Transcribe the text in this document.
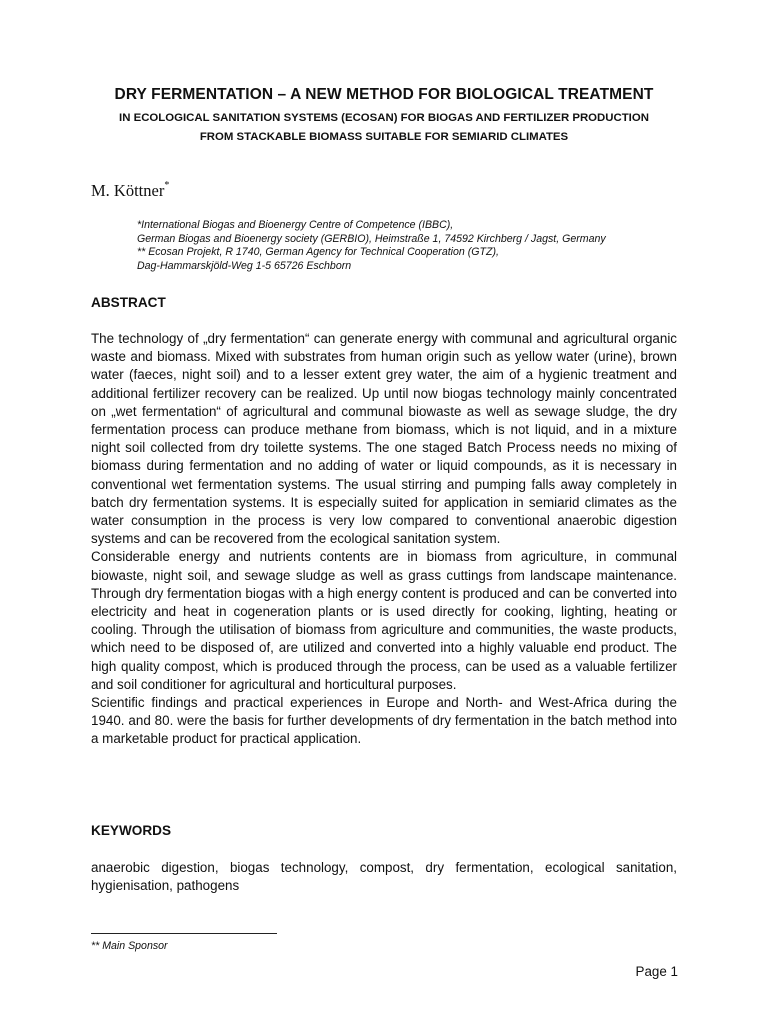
DRY FERMENTATION – A NEW METHOD FOR BIOLOGICAL TREATMENT
IN ECOLOGICAL SANITATION SYSTEMS (ECOSAN) FOR BIOGAS AND FERTILIZER PRODUCTION
FROM STACKABLE BIOMASS SUITABLE FOR SEMIARID CLIMATES
M. Köttner*
*International Biogas and Bioenergy Centre of Competence (IBBC),
German Biogas and Bioenergy society (GERBIO), Heimstraße 1, 74592 Kirchberg / Jagst, Germany
** Ecosan Projekt, R 1740, German Agency for Technical Cooperation (GTZ),
Dag-Hammarskjöld-Weg 1-5 65726 Eschborn
ABSTRACT

The technology of „dry fermentation“ can generate energy with communal and agricultural organic waste and biomass. Mixed with substrates from human origin such as yellow water (urine), brown water (faeces, night soil) and to a lesser extent grey water, the aim of a hygienic treatment and additional fertilizer recovery can be realized. Up until now biogas technology mainly concentrated on „wet fermentation“ of agricultural and communal biowaste as well as sewage sludge, the dry fermentation process can produce methane from biomass, which is not liquid, and in a mixture night soil collected from dry toilette systems. The one staged Batch Process needs no mixing of biomass during fermentation and no adding of water or liquid compounds, as it is necessary in conventional wet fermentation systems. The usual stirring and pumping falls away completely in batch dry fermentation systems. It is especially suited for application in semiarid climates as the water consumption in the process is very low compared to conventional anaerobic digestion systems and can be recovered from the ecological sanitation system.

Considerable energy and nutrients contents are in biomass from agriculture, in communal biowaste, night soil, and sewage sludge as well as grass cuttings from landscape maintenance. Through dry fermentation biogas with a high energy content is produced and can be converted into electricity and heat in cogeneration plants or is used directly for cooking, lighting, heating or cooling. Through the utilisation of biomass from agriculture and communities, the waste products, which need to be disposed of, are utilized and converted into a highly valuable end product. The high quality compost, which is produced through the process, can be used as a valuable fertilizer and soil conditioner for agricultural and horticultural purposes.

Scientific findings and practical experiences in Europe and North- and West-Africa during the 1940. and 80. were the basis for further developments of dry fermentation in the batch method into a marketable product for practical application.

KEYWORDS
anaerobic digestion, biogas technology, compost, dry fermentation, ecological sanitation, hygienisation, pathogens
** Main Sponsor
Page 1
